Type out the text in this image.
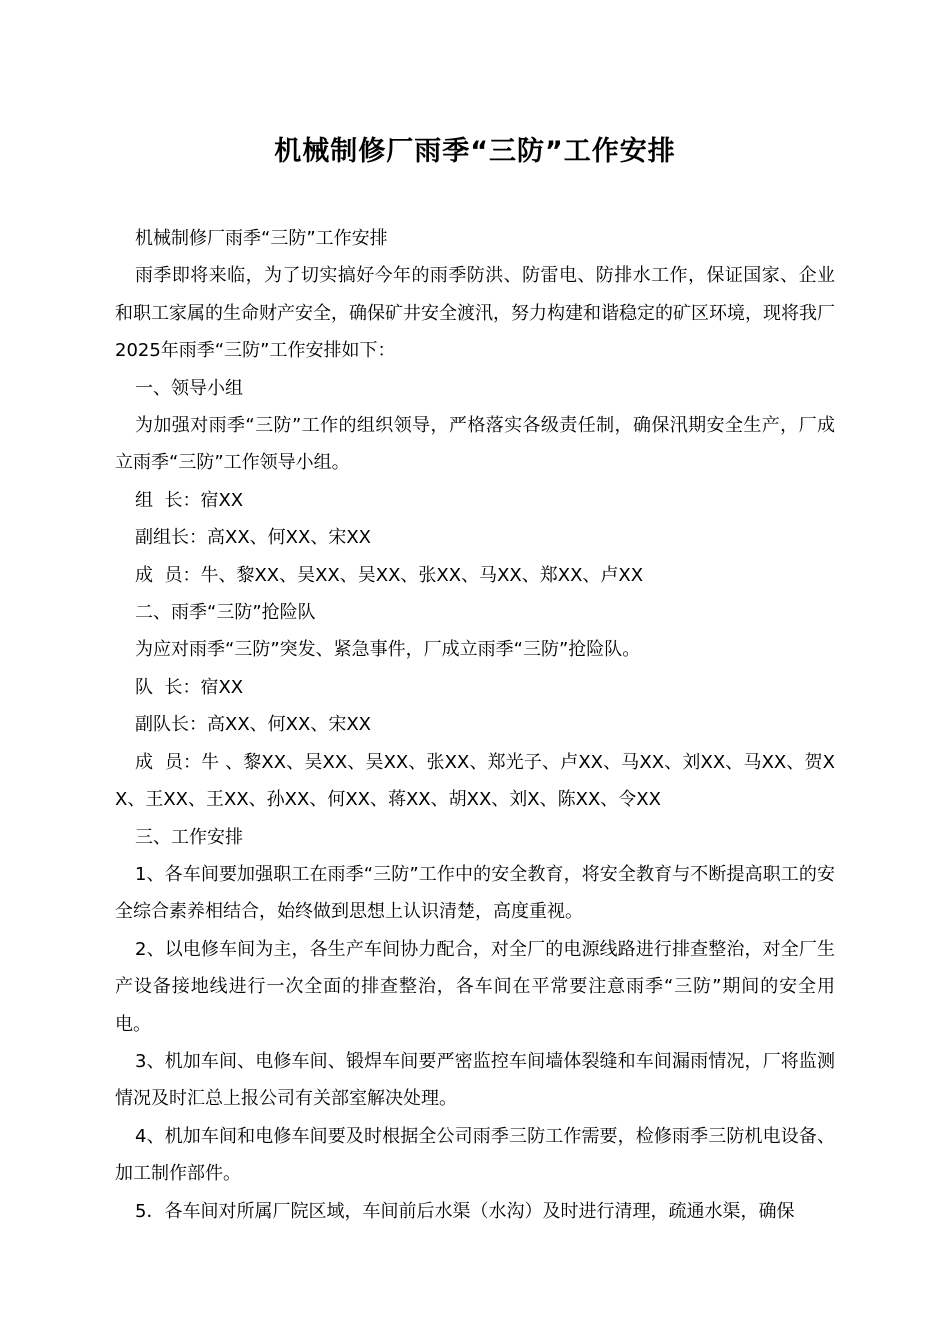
机械制修厂雨季“三防”工作安排

机械制修厂雨季“三防”工作安排

雨季即将来临，为了切实搞好今年的雨季防洪、防雷电、防排水工作，保证国家、企业和职工家属的生命财产安全，确保矿井安全渡汛，努力构建和谐稳定的矿区环境，现将我厂2025年雨季“三防”工作安排如下：

一、领导小组

为加强对雨季“三防”工作的组织领导，严格落实各级责任制，确保汛期安全生产，厂成立雨季“三防”工作领导小组。

组  长：宿XX

副组长：高XX、何XX、宋XX

成  员：牛、黎XX、吴XX、吴XX、张XX、马XX、郑XX、卢XX

二、雨季“三防”抢险队

为应对雨季“三防”突发、紧急事件，厂成立雨季“三防”抢险队。

队  长：宿XX

副队长：高XX、何XX、宋XX

成  员：牛 、黎XX、吴XX、吴XX、张XX、郑光子、卢XX、马XX、刘XX、马XX、贺XX、王XX、王XX、孙XX、何XX、蒋XX、胡XX、刘X、陈XX、令XX

三、工作安排

1、各车间要加强职工在雨季“三防”工作中的安全教育，将安全教育与不断提高职工的安全综合素养相结合，始终做到思想上认识清楚，高度重视。

2、以电修车间为主，各生产车间协力配合，对全厂的电源线路进行排查整治，对全厂生产设备接地线进行一次全面的排查整治，各车间在平常要注意雨季“三防”期间的安全用电。

3、机加车间、电修车间、锻焊车间要严密监控车间墙体裂缝和车间漏雨情况，厂将监测情况及时汇总上报公司有关部室解决处理。

4、机加车间和电修车间要及时根据全公司雨季三防工作需要，检修雨季三防机电设备、加工制作部件。

5．各车间对所属厂院区域，车间前后水渠（水沟）及时进行清理，疏通水渠，确保
